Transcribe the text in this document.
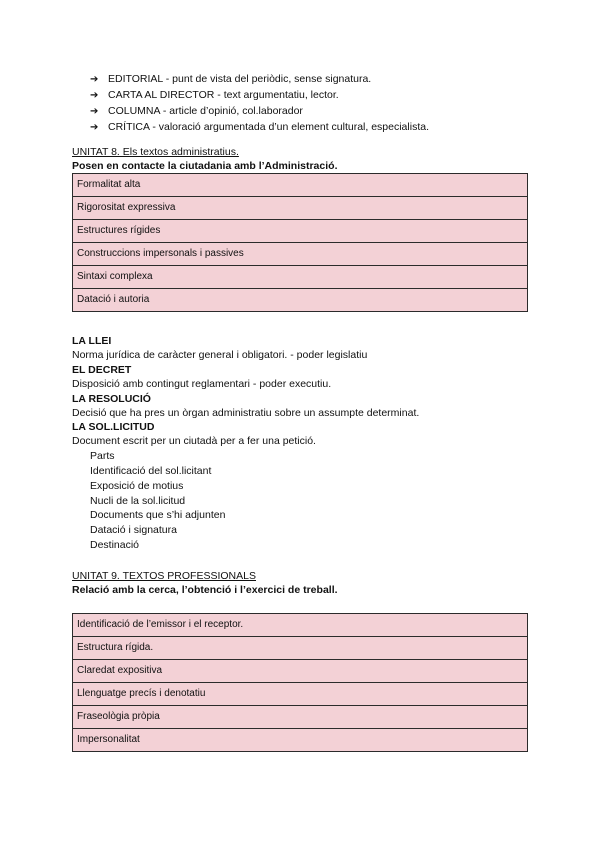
➔ EDITORIAL - punt de vista del periòdic, sense signatura.
➔ CARTA AL DIRECTOR - text argumentatiu, lector.
➔ COLUMNA - article d’opinió, col.laborador
➔ CRÍTICA - valoració argumentada d’un element cultural, especialista.
UNITAT 8. Els textos administratius.
Posen en contacte la ciutadania amb l’Administració.
Formalitat alta
Rigorositat expressiva
Estructures rígides
Construccions impersonals i passives
Sintaxi complexa
Datació i autoria
LA LLEI
Norma jurídica de caràcter general i obligatori. - poder legislatiu
EL DECRET
Disposició amb contingut reglamentari - poder executiu.
LA RESOLUCIÓ
Decisió que ha pres un òrgan administratiu sobre un assumpte determinat.
LA SOL.LICITUD
Document escrit per un ciutadà per a fer una petició.
Parts
Identificació del sol.licitant
Exposició de motius
Nucli de la sol.licitud
Documents que s’hi adjunten
Datació i signatura
Destinació
UNITAT 9. TEXTOS PROFESSIONALS
Relació amb la cerca, l’obtenció i l’exercici de treball.
Identificació de l’emissor i el receptor.
Estructura rígida.
Claredat expositiva
Llenguatge precís i denotatiu
Fraseològia pròpia
Impersonalitat
